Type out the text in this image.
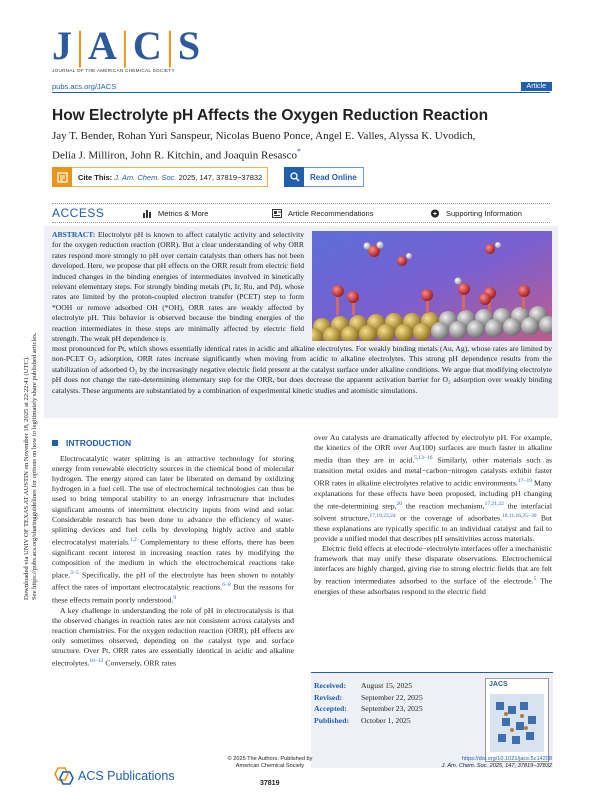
J|A|C|S
JOURNAL OF THE AMERICAN CHEMICAL SOCIETY
pubs.acs.org/JACS	Article
How Electrolyte pH Affects the Oxygen Reduction Reaction
Jay T. Bender, Rohan Yuri Sanspeur, Nicolas Bueno Ponce, Angel E. Valles, Alyssa K. Uvodich,
Delia J. Milliron, John R. Kitchin, and Joaquin Resasco*
Cite This: J. Am. Chem. Soc. 2025, 147, 37819−37832	Read Online
ACCESS	Metrics & More	Article Recommendations	Supporting Information
ABSTRACT: Electrolyte pH is known to affect catalytic activity and selectivity for the oxygen reduction reaction (ORR). But a clear understanding of why ORR rates respond more strongly to pH over certain catalysts than others has not been developed. Here, we propose that pH effects on the ORR result from electric field induced changes in the binding energies of intermediates involved in kinetically relevant elementary steps. For strongly binding metals (Pt, Ir, Ru, and Pd), whose rates are limited by the proton-coupled electron transfer (PCET) step to form *OOH or remove adsorbed OH (*OH), ORR rates are weakly affected by electrolyte pH. This behavior is observed because the binding energies of the reaction intermediates in these steps are minimally affected by electric field strength. The weak pH dependence is
most pronounced for Pt, which shows essentially identical rates in acidic and alkaline electrolytes. For weakly binding metals (Au, Ag), whose rates are limited by non-PCET O₂ adsorption, ORR rates increase significantly when moving from acidic to alkaline electrolytes. This strong pH dependence results from the stabilization of adsorbed O₂ by the increasingly negative electric field present at the catalyst surface under alkaline conditions. We argue that modifying electrolyte pH does not change the rate-determining elementary step for the ORR, but does decrease the apparent activation barrier for O₂ adsorption over weakly binding catalysts. These arguments are substantiated by a combination of experimental kinetic studies and atomistic simulations.
Downloaded via UNIV OF TEXAS AT AUSTIN on November 18, 2025 at 22:22:41 (UTC). See https://pubs.acs.org/sharingguidelines for options on how to legitimately share published articles.	INTRODUCTION

Electrocatalytic water splitting is an attractive technology for storing energy from renewable electricity sources in the chemical bond of molecular hydrogen. The energy stored can later be liberated on demand by oxidizing hydrogen in a fuel cell. The use of electrochemical technologies can thus be used to bring temporal stability to an energy infrastructure that includes significant amounts of intermittent electricity inputs from wind and solar. Considerable research has been done to advance the efficiency of water-splitting devices and fuel cells by developing highly active and stable electrocatalyst materials.$^{1,2}$ Complementary to these efforts, there has been significant recent interest in increasing reaction rates by modifying the composition of the medium in which the electrochemical reactions take place.$^{3-5}$ Specifically, the pH of the electrolyte has been shown to notably affect the rates of important electrocatalytic reactions.$^{6-8}$ But the reasons for these effects remain poorly understood.$^9$

A key challenge in understanding the role of pH in electrocatalysis is that the observed changes in reaction rates are not consistent across catalysts and reaction chemistries. For the oxygen reduction reaction (ORR), pH effects are only sometimes observed, depending on the catalyst type and surface structure. Over Pt, ORR rates are essentially identical in acidic and alkaline electrolytes.$^{10-12}$ Conversely, ORR rates

over Au catalysts are dramatically affected by electrolyte pH. For example, the kinetics of the ORR over Au(100) surfaces are much faster in alkaline media than they are in acid.$^{5,13-16}$ Similarly, other materials such as transition metal oxides and metal−carbon−nitrogen catalysts exhibit faster ORR rates in alkaline electrolytes relative to acidic environments.$^{17-19}$ Many explanations for these effects have been proposed, including pH changing the rate-determining step,$^{20}$ the reaction mechanism,$^{17,21,22}$ the interfacial solvent structure,$^{17,19,23,24}$ or the coverage of adsorbates.$^{10,11,16,25-30}$ But these explanations are typically specific to an individual catalyst and fail to provide a unified model that describes pH sensitivities across materials.

Electric field effects at electrode−electrolyte interfaces offer a mechanistic framework that may unify these disparate observations. Electrochemical interfaces are highly charged, giving rise to strong electric fields that are felt by reaction intermediates adsorbed to the surface of the electrode.$^5$ The energies of these adsorbates respond to the electric field

Received: August 15, 2025
Revised: September 22, 2025
Accepted: September 23, 2025
Published: October 1, 2025
JACS
ACS Publications
© 2025 The Authors. Published by
American Chemical Society
37819
https://doi.org/10.1021/jacs.5c14208
J. Am. Chem. Soc. 2025, 147, 37819−37832
